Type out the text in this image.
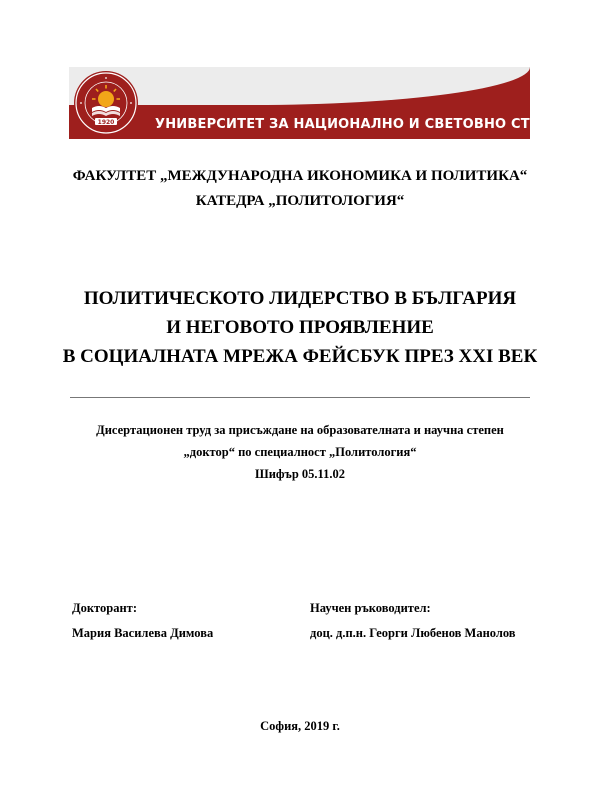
1920	УНИВЕРСИТЕТ ЗА НАЦИОНАЛНО И СВЕТОВНО СТОПАНСТВО
ФАКУЛТЕТ „МЕЖДУНАРОДНА ИКОНОМИКА И ПОЛИТИКА“
КАТЕДРА „ПОЛИТОЛОГИЯ“
ПОЛИТИЧЕСКОТО ЛИДЕРСТВО В БЪЛГАРИЯ
И НЕГОВОТО ПРОЯВЛЕНИЕ
В СОЦИАЛНАТА МРЕЖА ФЕЙСБУК ПРЕЗ XXI ВЕК
Дисертационен труд за присъждане на образователната и научна степен
„доктор“ по специалност „Политология“
Шифър 05.11.02
Докторант:
Мария Василева Димова
Научен ръководител:
доц. д.п.н. Георги Любенов Манолов
София, 2019 г.
